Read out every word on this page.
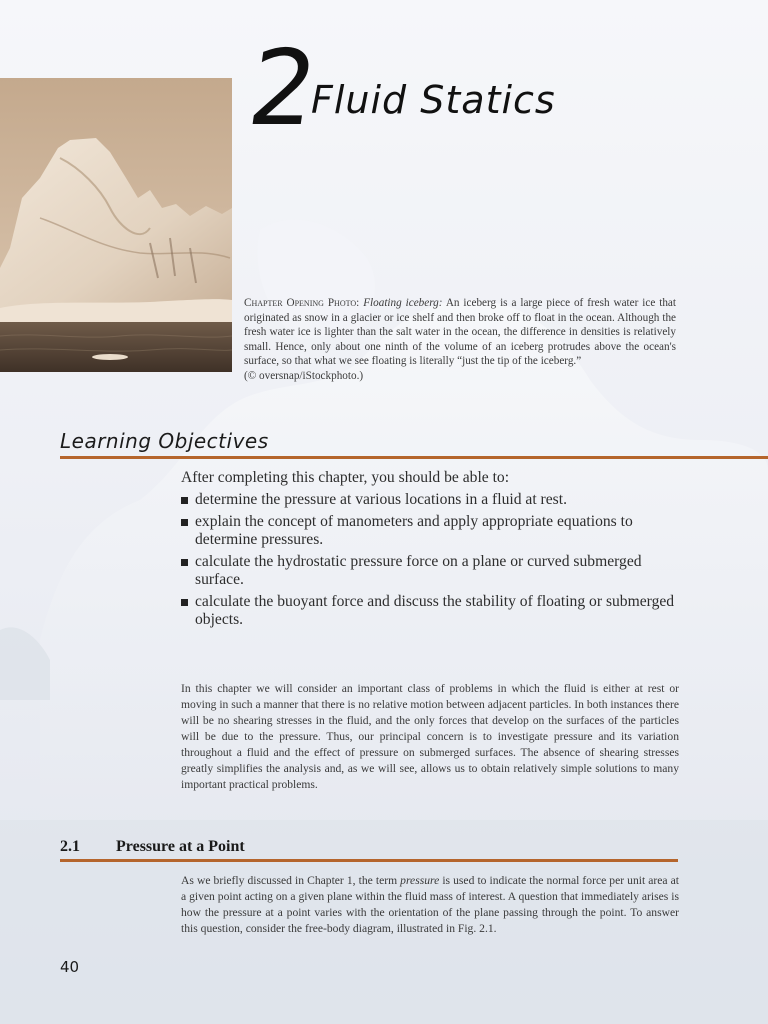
2
Fluid Statics
Chapter Opening Photo: Floating iceberg: An iceberg is a large piece of fresh water ice that originated as snow in a glacier or ice shelf and then broke off to float in the ocean. Although the fresh water ice is lighter than the salt water in the ocean, the difference in densities is relatively small. Hence, only about one ninth of the volume of an iceberg protrudes above the ocean's surface, so that what we see floating is literally “just the tip of the iceberg.”
(© oversnap/iStockphoto.)
Learning Objectives
After completing this chapter, you should be able to:
determine the pressure at various locations in a fluid at rest.
explain the concept of manometers and apply appropriate equations to determine pressures.
calculate the hydrostatic pressure force on a plane or curved submerged surface.
calculate the buoyant force and discuss the stability of floating or submerged objects.
In this chapter we will consider an important class of problems in which the fluid is either at rest or moving in such a manner that there is no relative motion between adjacent particles. In both instances there will be no shearing stresses in the fluid, and the only forces that develop on the surfaces of the particles will be due to the pressure. Thus, our principal concern is to investigate pressure and its variation throughout a fluid and the effect of pressure on submerged surfaces. The absence of shearing stresses greatly simplifies the analysis and, as we will see, allows us to obtain relatively simple solutions to many important practical problems.
2.1 Pressure at a Point
As we briefly discussed in Chapter 1, the term pressure is used to indicate the normal force per unit area at a given point acting on a given plane within the fluid mass of interest. A question that immediately arises is how the pressure at a point varies with the orientation of the plane passing through the point. To answer this question, consider the free-body diagram, illustrated in Fig. 2.1.
40
